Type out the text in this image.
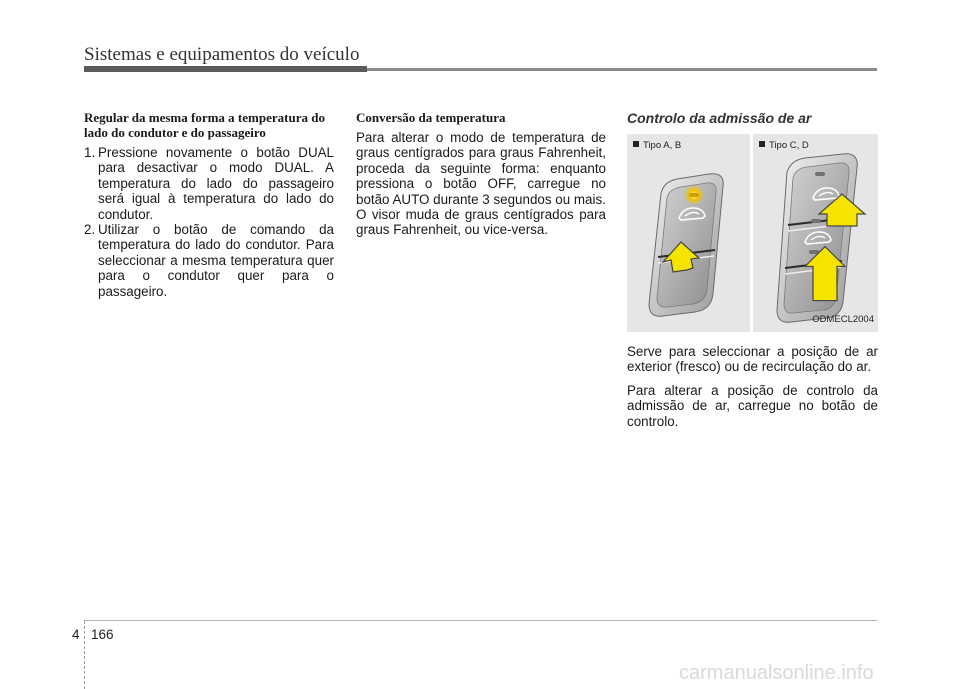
Sistemas e equipamentos do veículo
Regular da mesma forma a temperatura do lado do condutor e do passageiro
1. Pressione novamente o botão DUAL para desactivar o modo DUAL. A temperatura do lado do passageiro será igual à temperatura do lado do condutor.
2. Utilizar o botão de comando da temperatura do lado do condutor. Para seleccionar a mesma temperatura quer para o condutor quer para o passageiro.
Conversão da temperatura

Para alterar o modo de temperatura de graus centígrados para graus Fahrenheit, proceda da seguinte forma: enquanto pressiona o botão OFF, carregue no botão AUTO durante 3 segundos ou mais.

O visor muda de graus centígrados para graus Fahrenheit, ou vice-versa.

Controlo da admissão de ar
Tipo A, B	Tipo C, D
ODMECL2004

Serve para seleccionar a posição de ar exterior (fresco) ou de recirculação do ar.

Para alterar a posição de controlo da admissão de ar, carregue no botão de controlo.

4 166
carmanualsonline.info
